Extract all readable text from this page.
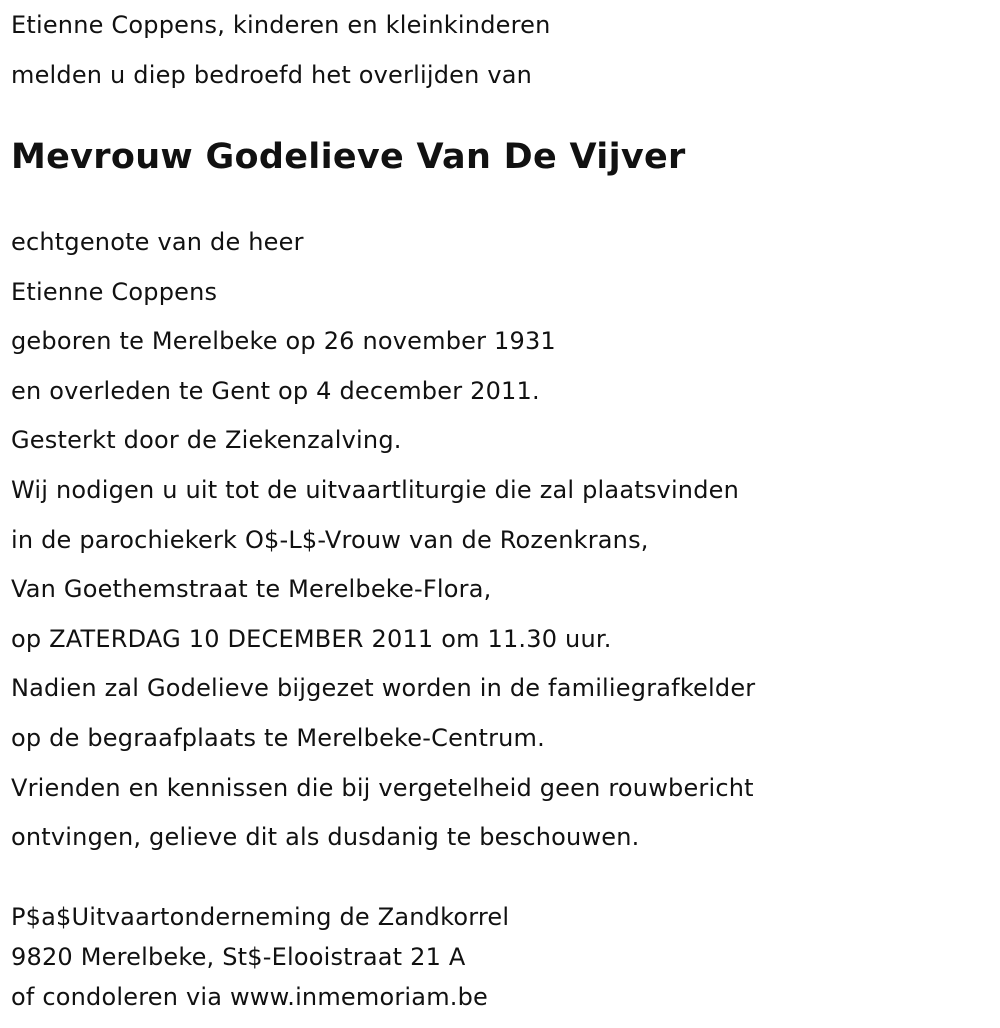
Etienne Coppens, kinderen en kleinkinderen
melden u diep bedroefd het overlijden van
Mevrouw Godelieve Van De Vijver
echtgenote van de heer
Etienne Coppens
geboren te Merelbeke op 26 november 1931
en overleden te Gent op 4 december 2011.
Gesterkt door de Ziekenzalving.
Wij nodigen u uit tot de uitvaartliturgie die zal plaatsvinden
in de parochiekerk O$-L$-Vrouw van de Rozenkrans,
Van Goethemstraat te Merelbeke-Flora,
op ZATERDAG 10 DECEMBER 2011 om 11.30 uur.
Nadien zal Godelieve bijgezet worden in de familiegrafkelder
op de begraafplaats te Merelbeke-Centrum.
Vrienden en kennissen die bij vergetelheid geen rouwbericht
ontvingen, gelieve dit als dusdanig te beschouwen.
P$a$Uitvaartonderneming de Zandkorrel
9820 Merelbeke, St$-Elooistraat 21 A
of condoleren via www.inmemoriam.be
